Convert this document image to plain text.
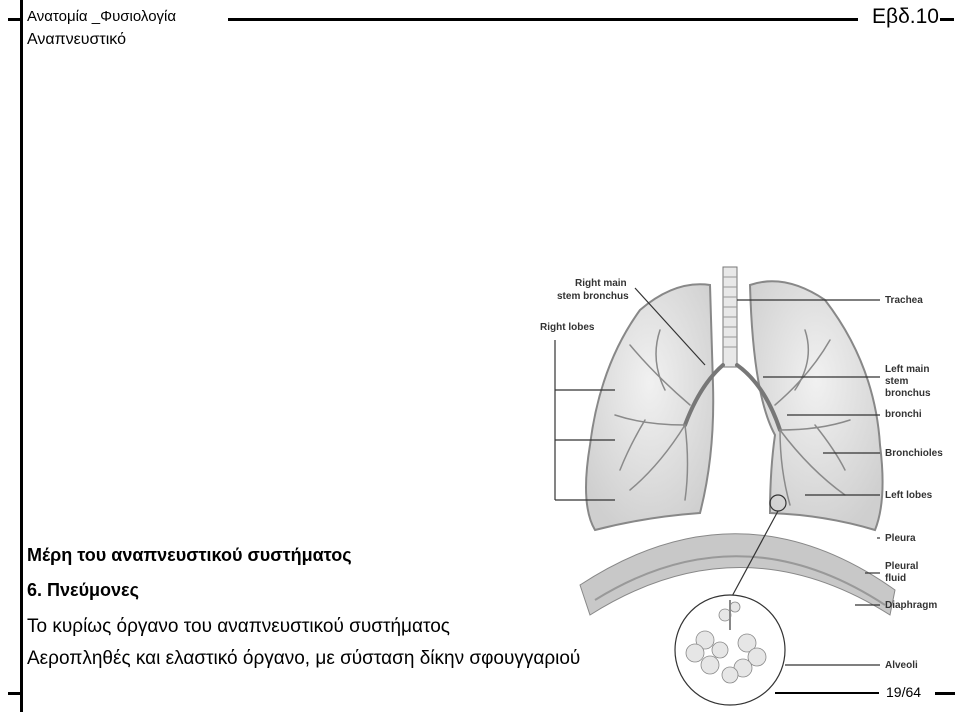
Ανατομία _Φυσιολογία
Αναπνευστικό
Εβδ.10
Right main
stem bronchus
Right lobes
Trachea
Left main
stem
bronchus
bronchi
Bronchioles
Left lobes
Pleura
Pleural
fluid
Diaphragm
Alveoli
Μέρη του αναπνευστικού συστήματος
6. Πνεύμονες
Το κυρίως όργανο του αναπνευστικού συστήματος
Αεροπληθές και ελαστικό όργανο, με σύσταση δίκην σφουγγαριού
19/64
